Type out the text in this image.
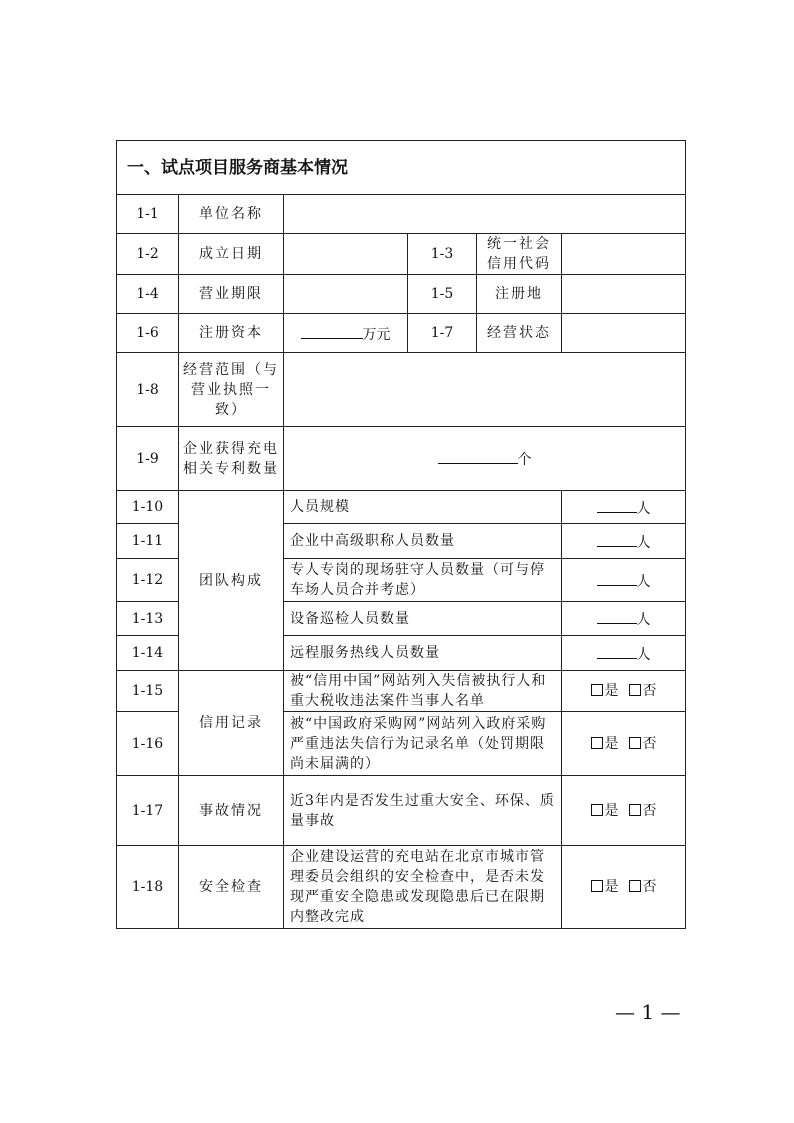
一、试点项目服务商基本情况					
1-1	单位名称				
1-2	成立日期		1-3	统一社会信用代码	
1-4	营业期限		1-5	注册地	
1-6	注册资本	万元	1-7	经营状态	
1-8	经营范围（与营业执照一致）				
1-9	企业获得充电相关专利数量	个			
1-10	团队构成	人员规模			人
1-11		企业中高级职称人员数量			人
1-12		专人专岗的现场驻守人员数量（可与停车场人员合并考虑）			人
1-13		设备巡检人员数量			人
1-14		远程服务热线人员数量			人
1-15	信用记录	被“信用中国”网站列入失信被执行人和重大税收违法案件当事人名单			是 否
1-16		被“中国政府采购网”网站列入政府采购严重违法失信行为记录名单（处罚期限尚未届满的）			是 否
1-17	事故情况	近3年内是否发生过重大安全、环保、质量事故			是 否
1-18	安全检查	企业建设运营的充电站在北京市城市管理委员会组织的安全检查中，是否未发现严重安全隐患或发现隐患后已在限期内整改完成			是 否
— 1 —
